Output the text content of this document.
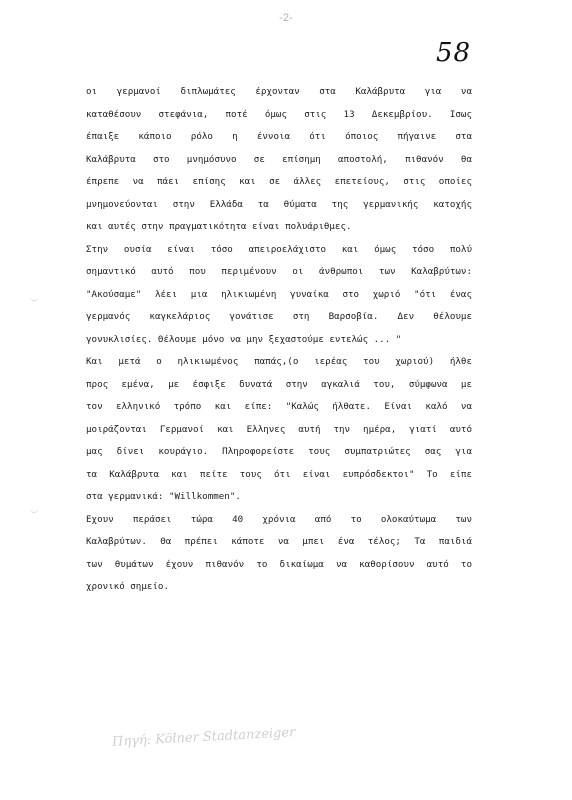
-2-
58
οι γερμανοί διπλωμάτες έρχονταν στα Καλάβρυτα για να
καταθέσουν στεφάνια, ποτέ όμως στις 13 Δεκεμβρίου. Ισως
έπαιξε κάποιο ρόλο η έννοια ότι όποιος πήγαινε στα
Καλάβρυτα στο μνημόσυνο σε επίσημη αποστολή, πιθανόν θα
έπρεπε να πάει επίσης και σε άλλες επετείους, στις οποίες
μνημονεύονται στην Ελλάδα τα θύματα της γερμανικής κατοχής
και αυτές στην πραγματικότητα είναι πολυάριθμες.
Στην ουσία είναι τόσο απειροελάχιστο και όμως τόσο πολύ
σημαντικό αυτό που περιμένουν οι άνθρωποι των Καλαβρύτων:
"Ακούσαμε" λέει μια ηλικιωμένη γυναίκα στο χωριό "ότι ένας
γερμανός καγκελάριος γονάτισε στη Βαρσοβία. Δεν θέλουμε
γονυκλισίες. Θέλουμε μόνο να μην ξεχαστούμε εντελώς ... "
Και μετά ο ηλικιωμένος παπάς,(ο ιερέας του χωριού) ήλθε
προς εμένα, με έσφιξε δυνατά στην αγκαλιά του, σύμφωνα με
τον ελληνικό τρόπο και είπε: "Καλώς ήλθατε. Είναι καλό να
μοιράζονται Γερμανοί και Ελληνες αυτή την ημέρα, γιατί αυτό
μας δίνει κουράγιο. Πληροφορείστε τους συμπατριώτες σας για
τα Καλάβρυτα και πείτε τους ότι είναι ευπρόσδεκτοι" Το είπε
στα γερμανικά: "Willkommen".
Εχουν περάσει τώρα 40 χρόνια από το ολοκαύτωμα των
Καλαβρύτων. Θα πρέπει κάποτε να μπει ένα τέλος; Τα παιδιά
των θυμάτων έχουν πιθανόν το δικαίωμα να καθορίσουν αυτό το
χρονικό σημείο.
Πηγή: Kölner Stadtanzeiger
